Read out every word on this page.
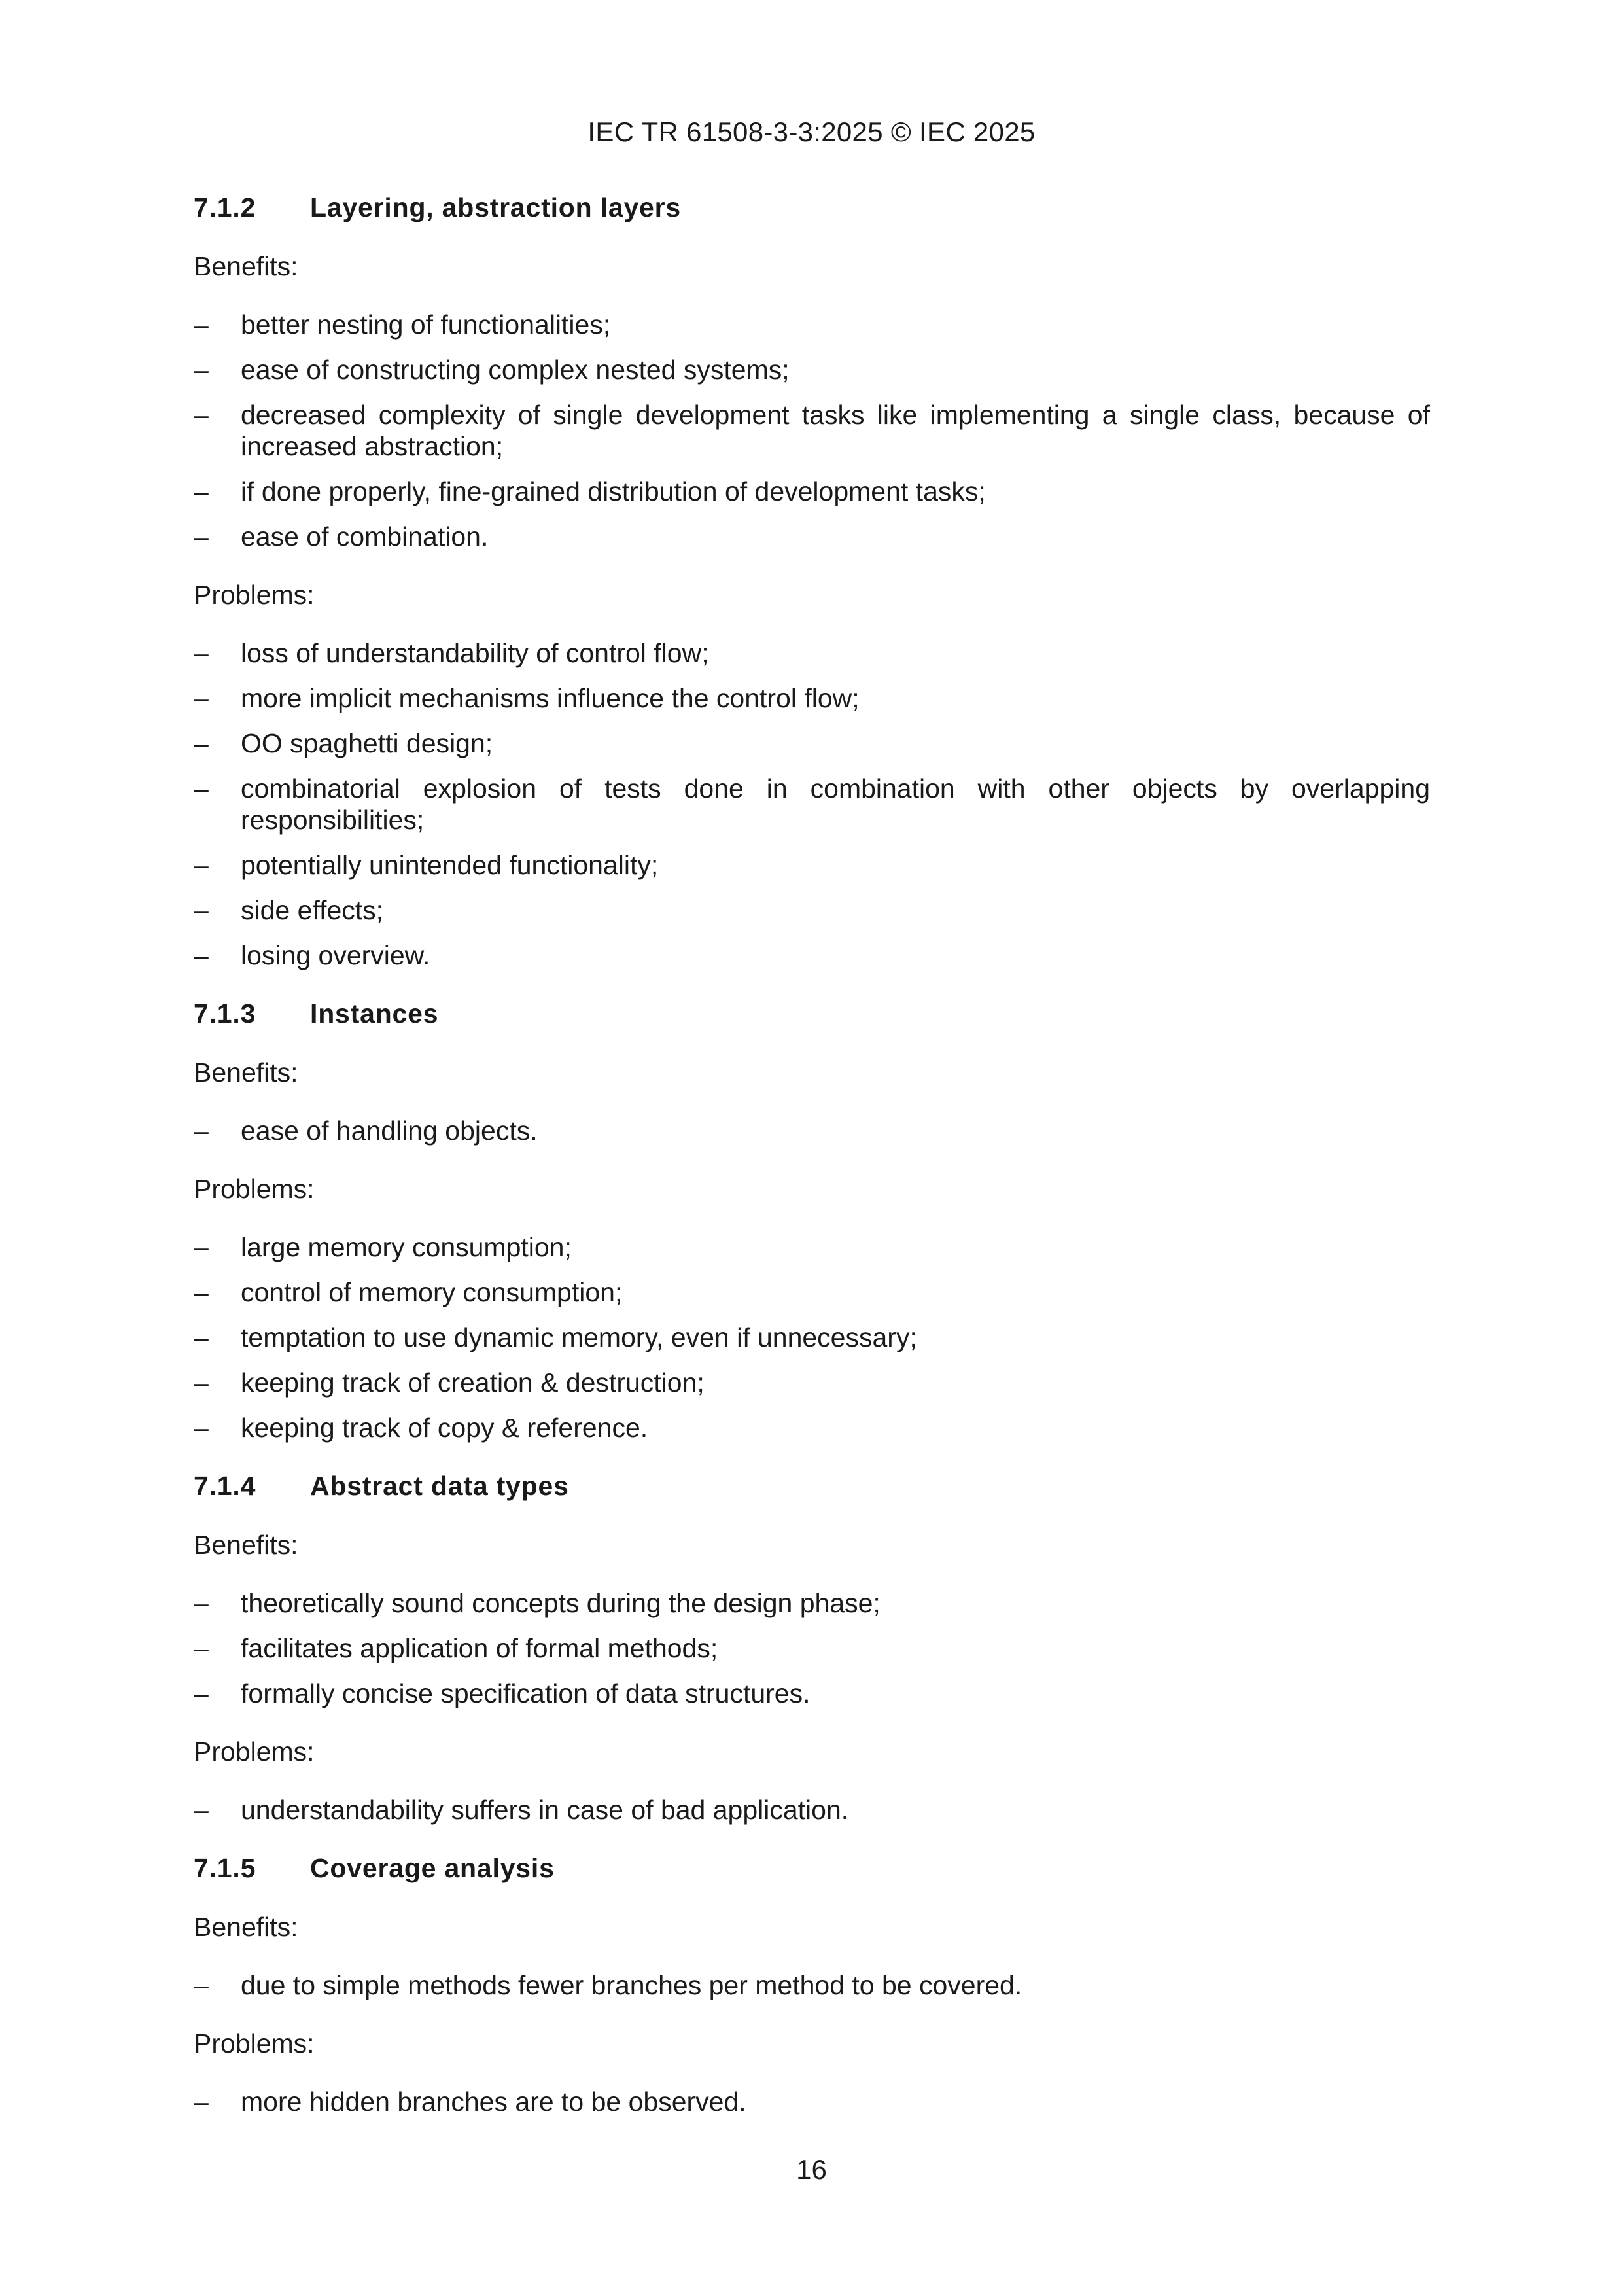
IEC TR 61508-3-3:2025 © IEC 2025
7.1.2	Layering, abstraction layers
Benefits:
–	better nesting of functionalities;
–	ease of constructing complex nested systems;
–	decreased complexity of single development tasks like implementing a single class, because of increased abstraction;
–	if done properly, fine-grained distribution of development tasks;
–	ease of combination.
Problems:
–	loss of understandability of control flow;
–	more implicit mechanisms influence the control flow;
–	OO spaghetti design;
–	combinatorial explosion of tests done in combination with other objects by overlapping responsibilities;
–	potentially unintended functionality;
–	side effects;
–	losing overview.
7.1.3	Instances
Benefits:
–	ease of handling objects.
Problems:
–	large memory consumption;
–	control of memory consumption;
–	temptation to use dynamic memory, even if unnecessary;
–	keeping track of creation & destruction;
–	keeping track of copy & reference.
7.1.4	Abstract data types
Benefits:
–	theoretically sound concepts during the design phase;
–	facilitates application of formal methods;
–	formally concise specification of data structures.
Problems:
–	understandability suffers in case of bad application.
7.1.5	Coverage analysis
Benefits:
–	due to simple methods fewer branches per method to be covered.
Problems:
–	more hidden branches are to be observed.
16
